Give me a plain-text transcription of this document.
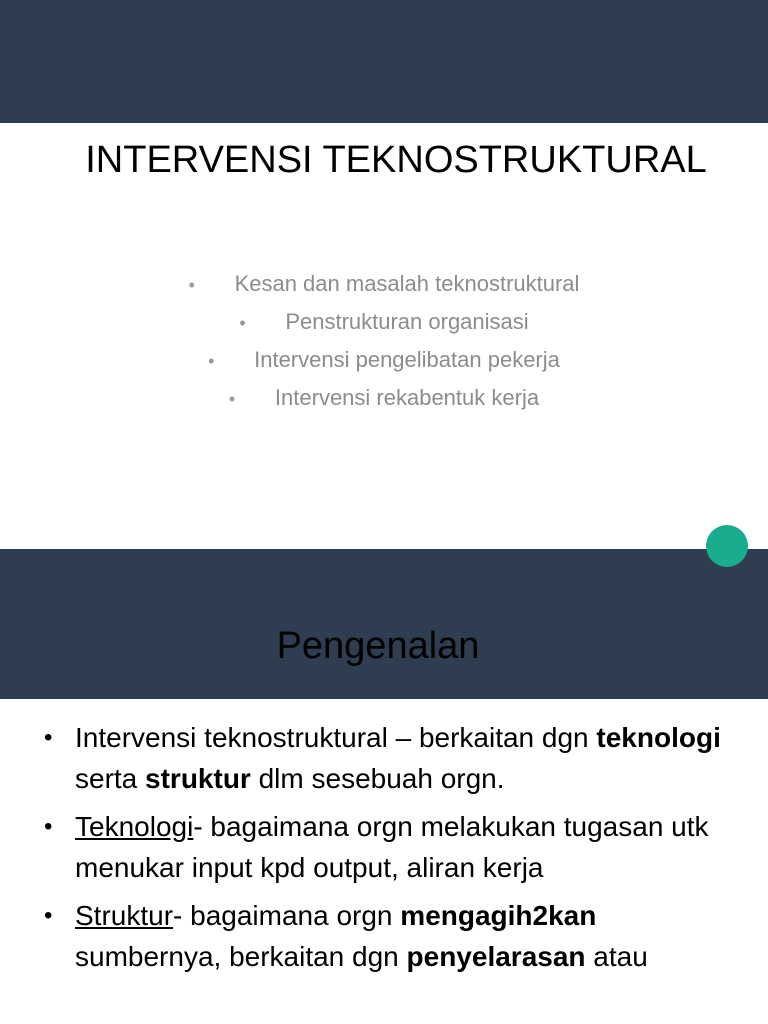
INTERVENSI TEKNOSTRUKTURAL
• Kesan dan masalah teknostruktural
• Penstrukturan organisasi
• Intervensi pengelibatan pekerja
• Intervensi rekabentuk kerja
Pengenalan
• Intervensi teknostruktural – berkaitan dgn teknologi serta struktur dlm sesebuah orgn.
• Teknologi- bagaimana orgn melakukan tugasan utk menukar input kpd output, aliran kerja
• Struktur- bagaimana orgn mengagih2kan sumbernya, berkaitan dgn penyelarasan atau
